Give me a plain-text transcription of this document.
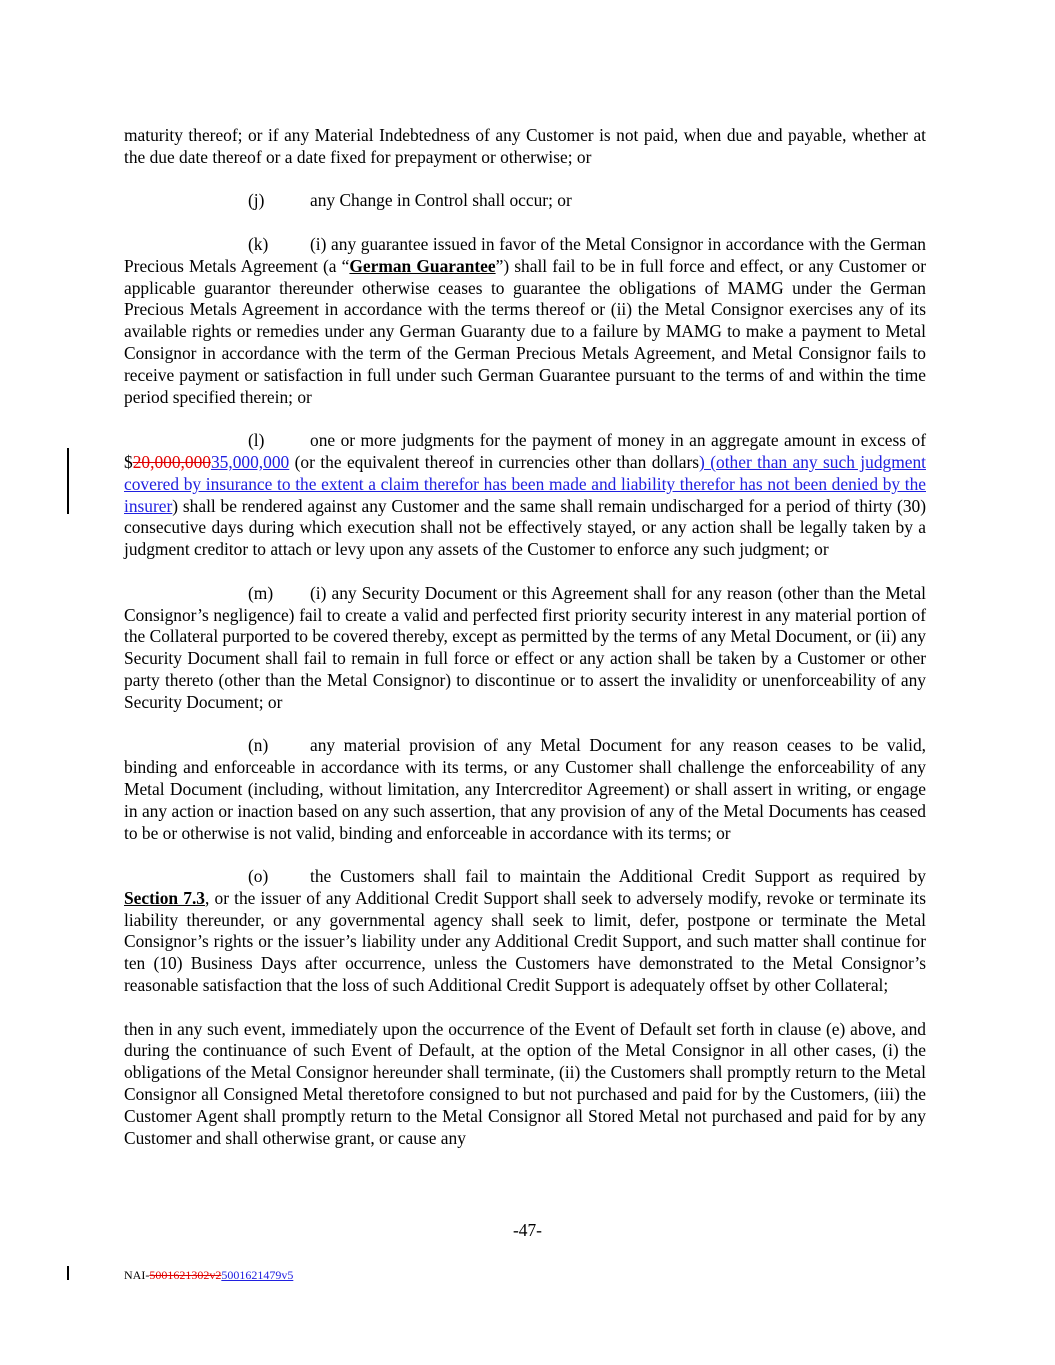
maturity thereof; or if any Material Indebtedness of any Customer is not paid, when due and payable, whether at the due date thereof or a date fixed for prepayment or otherwise; or

(j)	any Change in Control shall occur; or

(k) (i) any guarantee issued in favor of the Metal Consignor in accordance with the German Precious Metals Agreement (a “German Guarantee”) shall fail to be in full force and effect, or any Customer or applicable guarantor thereunder otherwise ceases to guarantee the obligations of MAMG under the German Precious Metals Agreement in accordance with the terms thereof or (ii) the Metal Consignor exercises any of its available rights or remedies under any German Guaranty due to a failure by MAMG to make a payment to Metal Consignor in accordance with the term of the German Precious Metals Agreement, and Metal Consignor fails to receive payment or satisfaction in full under such German Guarantee pursuant to the terms of and within the time period specified therein; or

(l)	one or more judgments for the payment of money in an aggregate amount in excess of $20,000,00035,000,000 (or the equivalent thereof in currencies other than dollars) (other than any such judgment covered by insurance to the extent a claim therefor has been made and liability therefor has not been denied by the insurer) shall be rendered against any Customer and the same shall remain undischarged for a period of thirty (30) consecutive days during which execution shall not be effectively stayed, or any action shall be legally taken by a judgment creditor to attach or levy upon any assets of the Customer to enforce any such judgment; or

(m) (i) any Security Document or this Agreement shall for any reason (other than the Metal Consignor’s negligence) fail to create a valid and perfected first priority security interest in any material portion of the Collateral purported to be covered thereby, except as permitted by the terms of any Metal Document, or (ii) any Security Document shall fail to remain in full force or effect or any action shall be taken by a Customer or other party thereto (other than the Metal Consignor) to discontinue or to assert the invalidity or unenforceability of any Security Document; or

(n) any material provision of any Metal Document for any reason ceases to be valid, binding and enforceable in accordance with its terms, or any Customer shall challenge the enforceability of any Metal Document (including, without limitation, any Intercreditor Agreement) or shall assert in writing, or engage in any action or inaction based on any such assertion, that any provision of any of the Metal Documents has ceased to be or otherwise is not valid, binding and enforceable in accordance with its terms; or

(o) the Customers shall fail to maintain the Additional Credit Support as required by Section 7.3, or the issuer of any Additional Credit Support shall seek to adversely modify, revoke or terminate its liability thereunder, or any governmental agency shall seek to limit, defer, postpone or terminate the Metal Consignor’s rights or the issuer’s liability under any Additional Credit Support, and such matter shall continue for ten (10) Business Days after occurrence, unless the Customers have demonstrated to the Metal Consignor’s reasonable satisfaction that the loss of such Additional Credit Support is adequately offset by other Collateral;

then in any such event, immediately upon the occurrence of the Event of Default set forth in clause (e) above, and during the continuance of such Event of Default, at the option of the Metal Consignor in all other cases, (i) the obligations of the Metal Consignor hereunder shall terminate, (ii) the Customers shall promptly return to the Metal Consignor all Consigned Metal theretofore consigned to but not purchased and paid for by the Customers, (iii) the Customer Agent shall promptly return to the Metal Consignor all Stored Metal not purchased and paid for by any Customer and shall otherwise grant, or cause any

-47-
NAI-5001621302v25001621479v5
